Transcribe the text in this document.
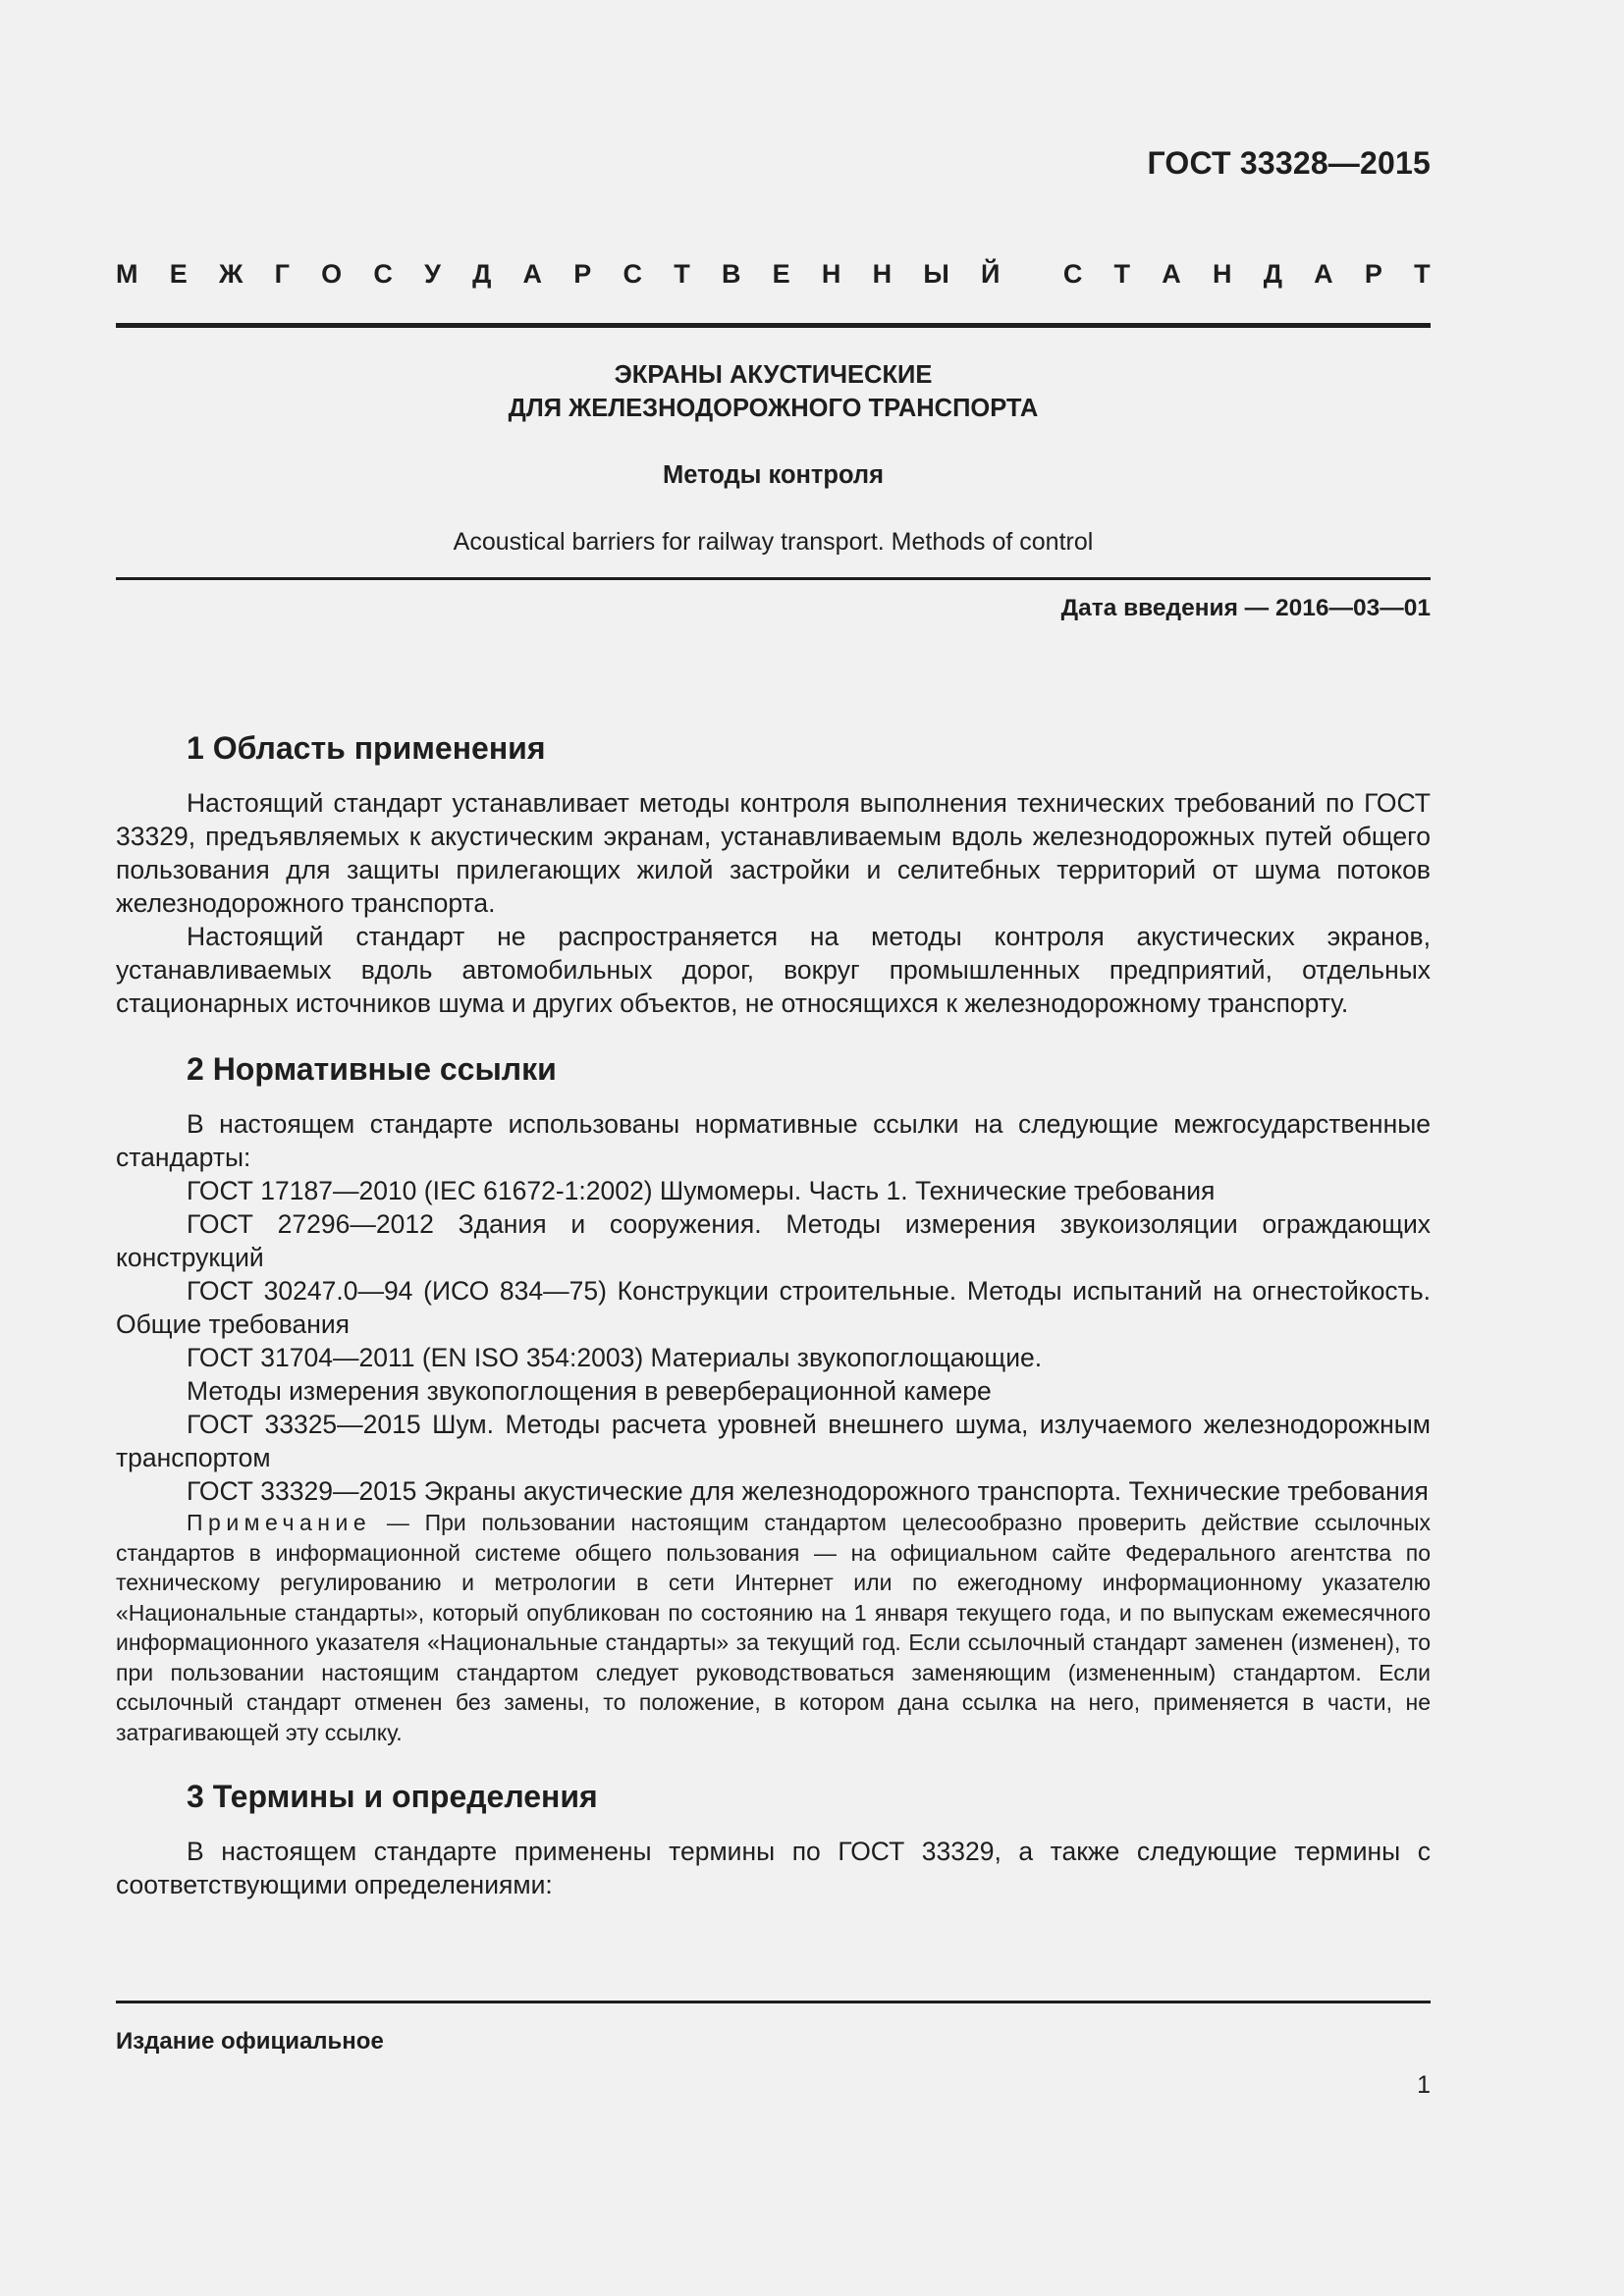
ГОСТ 33328—2015
М Е Ж Г О С У Д А Р С Т В Е Н Н Ы Й С Т А Н Д А Р Т
ЭКРАНЫ АКУСТИЧЕСКИЕ
ДЛЯ ЖЕЛЕЗНОДОРОЖНОГО ТРАНСПОРТА
Методы контроля
Acoustical barriers for railway transport. Methods of control
Дата введения — 2016—03—01
1 Область применения

Настоящий стандарт устанавливает методы контроля выполнения технических требований по ГОСТ 33329, предъявляемых к акустическим экранам, устанавливаемым вдоль железнодорожных путей общего пользования для защиты прилегающих жилой застройки и селитебных территорий от шума потоков железнодорожного транспорта.

Настоящий стандарт не распространяется на методы контроля акустических экранов, устанавливаемых вдоль автомобильных дорог, вокруг промышленных предприятий, отдельных стационарных источников шума и других объектов, не относящихся к железнодорожному транспорту.

2 Нормативные ссылки

В настоящем стандарте использованы нормативные ссылки на следующие межгосударственные стандарты:

ГОСТ 17187—2010 (IEC 61672-1:2002) Шумомеры. Часть 1. Технические требования

ГОСТ 27296—2012 Здания и сооружения. Методы измерения звукоизоляции ограждающих конструкций

ГОСТ 30247.0—94 (ИСО 834—75) Конструкции строительные. Методы испытаний на огнестойкость. Общие требования

ГОСТ 31704—2011 (EN ISO 354:2003) Материалы звукопоглощающие.

Методы измерения звукопоглощения в реверберационной камере

ГОСТ 33325—2015 Шум. Методы расчета уровней внешнего шума, излучаемого железнодорожным транспортом

ГОСТ 33329—2015 Экраны акустические для железнодорожного транспорта. Технические требования

Примечание — При пользовании настоящим стандартом целесообразно проверить действие ссылочных стандартов в информационной системе общего пользования — на официальном сайте Федерального агентства по техническому регулированию и метрологии в сети Интернет или по ежегодному информационному указателю «Национальные стандарты», который опубликован по состоянию на 1 января текущего года, и по выпускам ежемесячного информационного указателя «Национальные стандарты» за текущий год. Если ссылочный стандарт заменен (изменен), то при пользовании настоящим стандартом следует руководствоваться заменяющим (измененным) стандартом. Если ссылочный стандарт отменен без замены, то положение, в котором дана ссылка на него, применяется в части, не затрагивающей эту ссылку.

3 Термины и определения

В настоящем стандарте применены термины по ГОСТ 33329, а также следующие термины с соответствующими определениями:

Издание официальное
1
